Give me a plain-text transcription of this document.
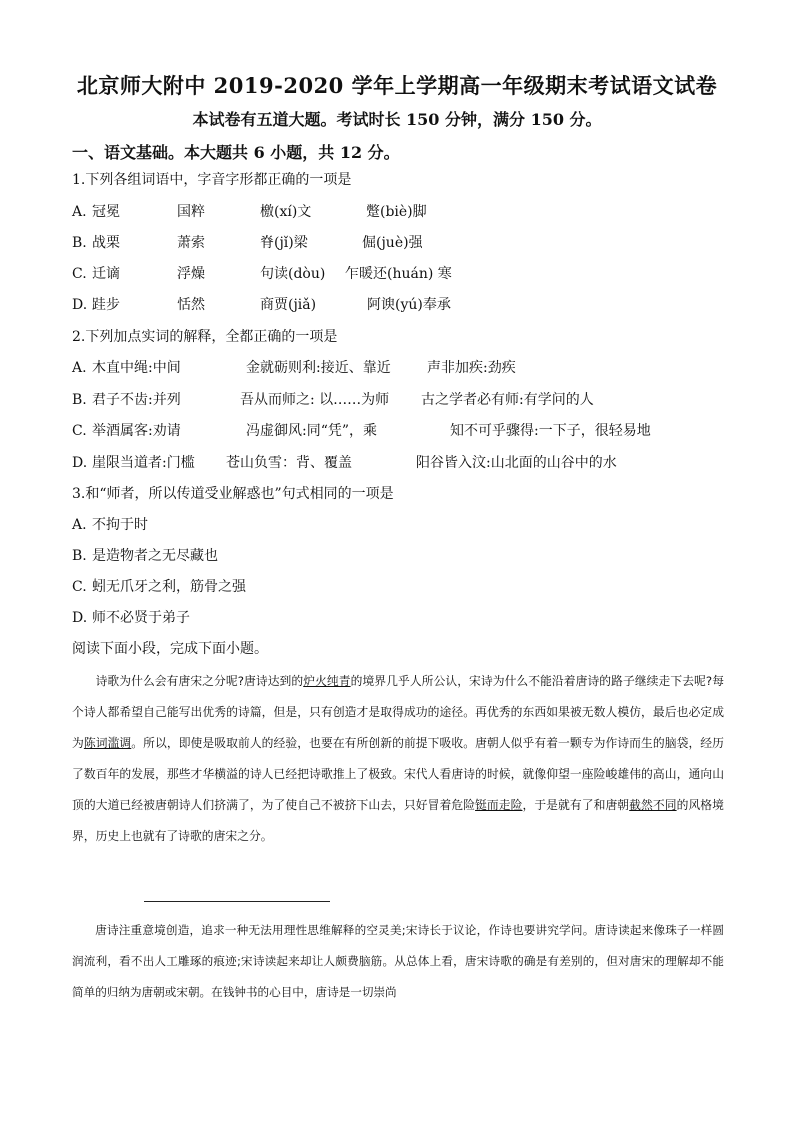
北京师大附中 2019-2020 学年上学期高一年级期末考试语文试卷
本试卷有五道大题。考试时长 150 分钟，满分 150 分。
一、语文基础。本大题共 6 小题，共 12 分。
1.下列各组词语中，字音字形都正确的一项是
A. 冠冕	国粹	檄(xí)文	蹩(biè)脚
B. 战栗	萧索	脊(jǐ)梁	倔(juè)强
C. 迁谪	浮燥	句读(dòu) 乍暖还(huán) 寒
D. 跬步	恬然	商贾(jiǎ)	阿谀(yú)奉承
2.下列加点实词的解释，全都正确的一项是
A. 木直中绳:中间	金就砺则利:接近、靠近	声非加疾:劲疾
B. 君子不齿:并列	吾从而师之: 以……为师 古之学者必有师:有学问的人
C. 举酒属客:劝请	冯虚御风:同“凭”，乘	知不可乎骤得:一下子，很轻易地
D. 崖限当道者:门槛 苍山负雪：背、覆盖	阳谷皆入汶:山北面的山谷中的水
3.和“师者，所以传道受业解惑也”句式相同的一项是
A. 不拘于时
B. 是造物者之无尽藏也
C. 蚓无爪牙之利，筋骨之强
D. 师不必贤于弟子
阅读下面小段，完成下面小题。

诗歌为什么会有唐宋之分呢?唐诗达到的炉火纯青的境界几乎人所公认，宋诗为什么不能沿着唐诗的路子继续走下去呢?每个诗人都希望自己能写出优秀的诗篇，但是，只有创造才是取得成功的途径。再优秀的东西如果被无数人模仿，最后也必定成为陈词滥调。所以，即使是吸取前人的经验，也要在有所创新的前提下吸收。唐朝人似乎有着一颗专为作诗而生的脑袋，经历了数百年的发展，那些才华横溢的诗人已经把诗歌推上了极致。宋代人看唐诗的时候，就像仰望一座险峻雄伟的高山，通向山顶的大道已经被唐朝诗人们挤满了，为了使自己不被挤下山去，只好冒着危险铤而走险，于是就有了和唐朝截然不同的风格境界，历史上也就有了诗歌的唐宋之分。

唐诗注重意境创造，追求一种无法用理性思维解释的空灵美;宋诗长于议论，作诗也要讲究学问。唐诗读起来像珠子一样圆润流利，看不出人工雕琢的痕迹;宋诗读起来却让人颇费脑筋。从总体上看，唐宋诗歌的确是有差别的，但对唐宋的理解却不能简单的归纳为唐朝或宋朝。在钱钟书的心目中，唐诗是一切崇尚
